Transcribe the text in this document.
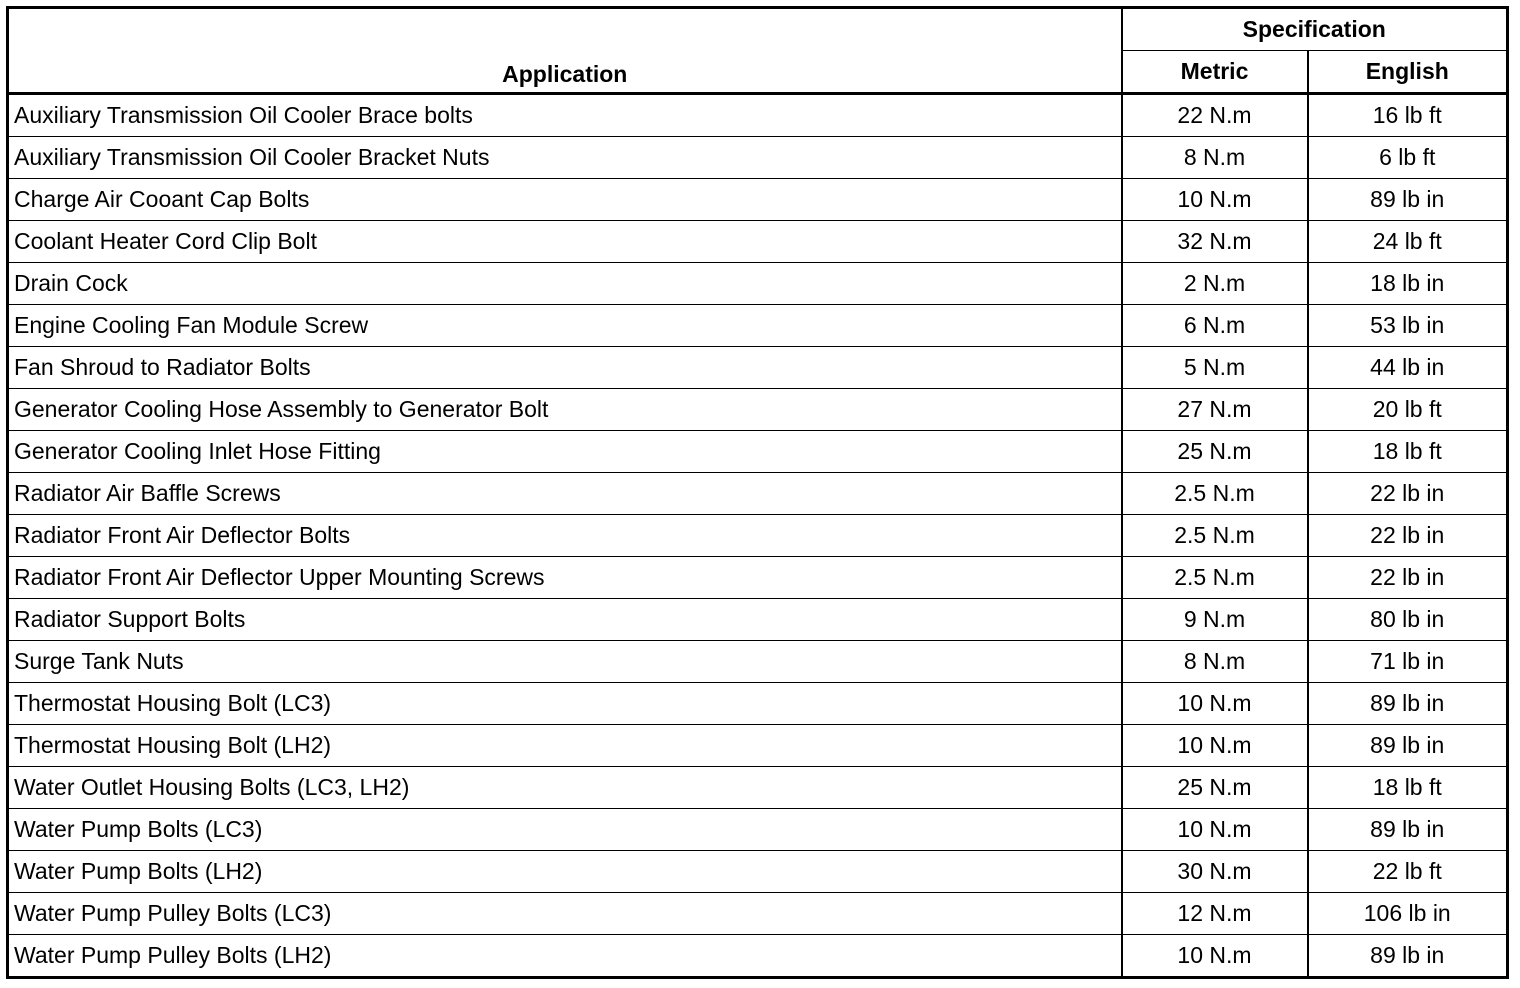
Application	Specification	
	Metric	English
Auxiliary Transmission Oil Cooler Brace bolts	22 N.m	16 lb ft
Auxiliary Transmission Oil Cooler Bracket Nuts	8 N.m	6 lb ft
Charge Air Cooant Cap Bolts	10 N.m	89 lb in
Coolant Heater Cord Clip Bolt	32 N.m	24 lb ft
Drain Cock	2 N.m	18 lb in
Engine Cooling Fan Module Screw	6 N.m	53 lb in
Fan Shroud to Radiator Bolts	5 N.m	44 lb in
Generator Cooling Hose Assembly to Generator Bolt	27 N.m	20 lb ft
Generator Cooling Inlet Hose Fitting	25 N.m	18 lb ft
Radiator Air Baffle Screws	2.5 N.m	22 lb in
Radiator Front Air Deflector Bolts	2.5 N.m	22 lb in
Radiator Front Air Deflector Upper Mounting Screws	2.5 N.m	22 lb in
Radiator Support Bolts	9 N.m	80 lb in
Surge Tank Nuts	8 N.m	71 lb in
Thermostat Housing Bolt (LC3)	10 N.m	89 lb in
Thermostat Housing Bolt (LH2)	10 N.m	89 lb in
Water Outlet Housing Bolts (LC3, LH2)	25 N.m	18 lb ft
Water Pump Bolts (LC3)	10 N.m	89 lb in
Water Pump Bolts (LH2)	30 N.m	22 lb ft
Water Pump Pulley Bolts (LC3)	12 N.m	106 lb in
Water Pump Pulley Bolts (LH2)	10 N.m	89 lb in
